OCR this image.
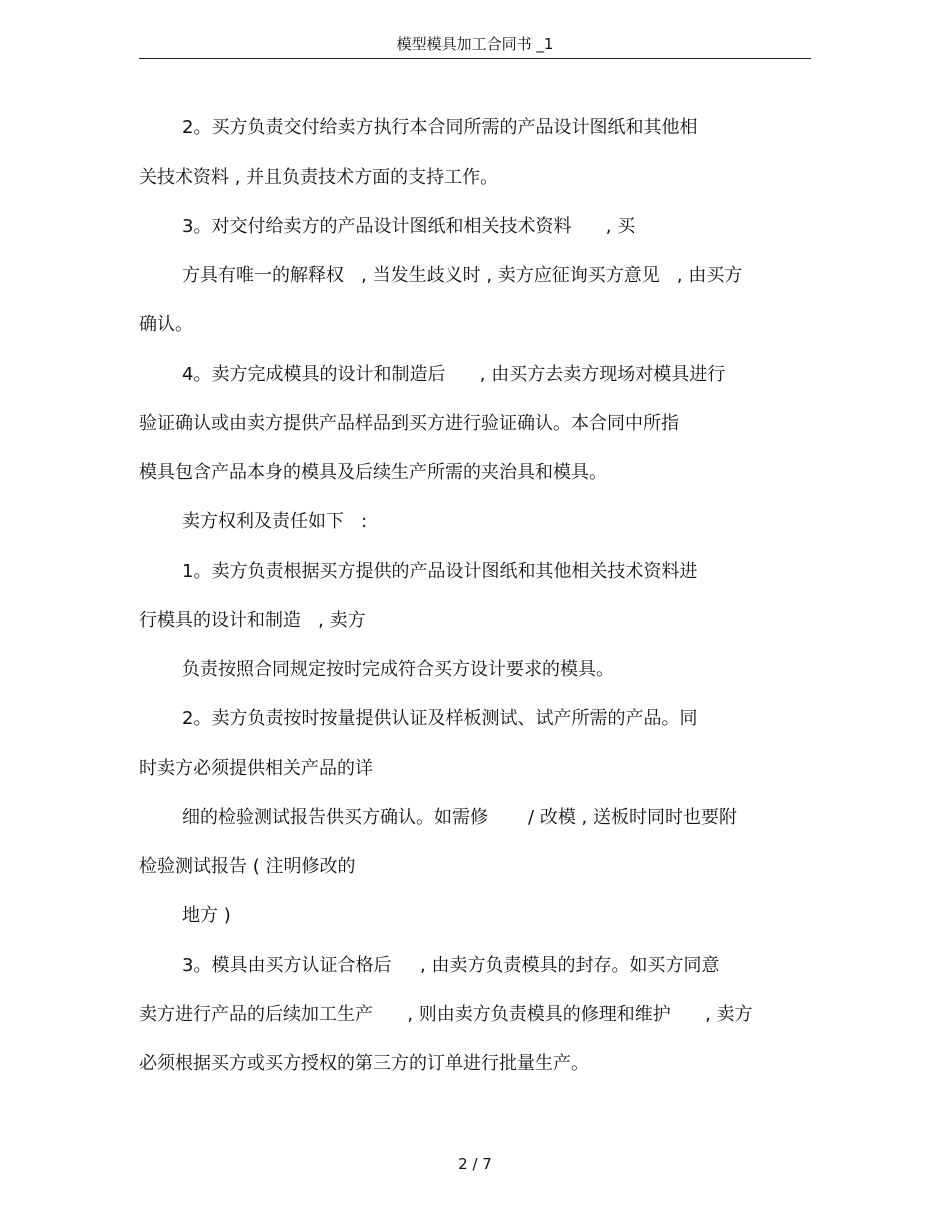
模型模具加工合同书 _1
2。买方负责交付给卖方执行本合同所需的产品设计图纸和其他相
关技术资料 , 并且负责技术方面的支持工作。
3。对交付给卖方的产品设计图纸和相关技术资料      , 买
方具有唯一的解释权   , 当发生歧义时 , 卖方应征询买方意见   , 由买方
确认。
4。卖方完成模具的设计和制造后      , 由买方去卖方现场对模具进行
验证确认或由卖方提供产品样品到买方进行验证确认。本合同中所指
模具包含产品本身的模具及后续生产所需的夹治具和模具。
卖方权利及责任如下   :
1。卖方负责根据买方提供的产品设计图纸和其他相关技术资料进
行模具的设计和制造   , 卖方
负责按照合同规定按时完成符合买方设计要求的模具。
2。卖方负责按时按量提供认证及样板测试、试产所需的产品。同
时卖方必须提供相关产品的详
细的检验测试报告供买方确认。如需修       / 改模 , 送板时同时也要附
检验测试报告 ( 注明修改的
地方 )
3。模具由买方认证合格后     , 由卖方负责模具的封存。如买方同意
卖方进行产品的后续加工生产      , 则由卖方负责模具的修理和维护      , 卖方
必须根据买方或买方授权的第三方的订单进行批量生产。
2 / 7
